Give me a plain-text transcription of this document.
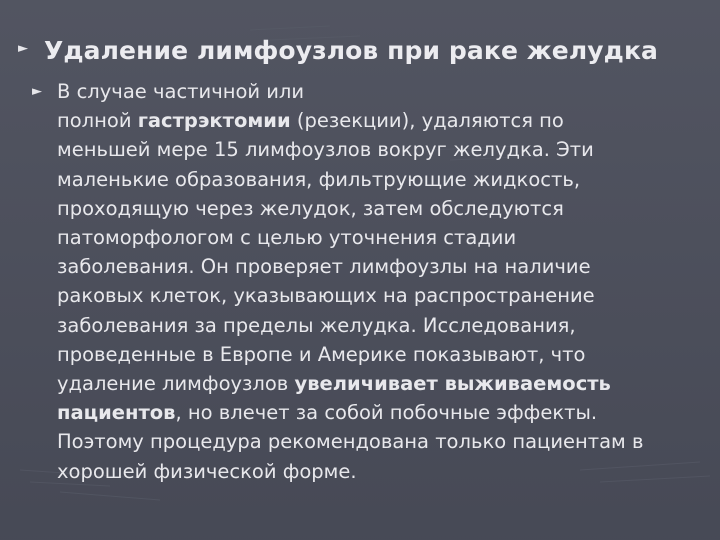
► Удаление лимфоузлов при раке желудка
► В случае частичной или
полной гастрэктомии (резекции), удаляются по
меньшей мере 15 лимфоузлов вокруг желудка. Эти
маленькие образования, фильтрующие жидкость,
проходящую через желудок, затем обследуются
патоморфологом с целью уточнения стадии
заболевания. Он проверяет лимфоузлы на наличие
раковых клеток, указывающих на распространение
заболевания за пределы желудка. Исследования,
проведенные в Европе и Америке показывают, что
удаление лимфоузлов увеличивает выживаемость
пациентов, но влечет за собой побочные эффекты.
Поэтому процедура рекомендована только пациентам в
хорошей физической форме.
